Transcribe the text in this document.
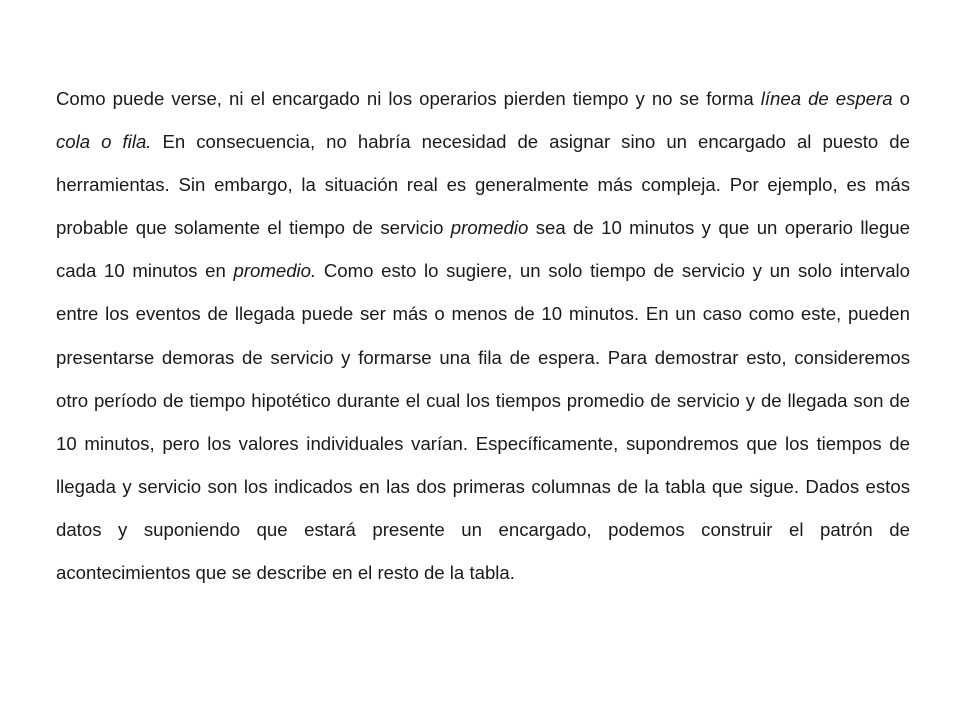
Como puede verse, ni el encargado ni los operarios pierden tiempo y no se forma línea de espera o cola o fila. En consecuencia, no habría necesidad de asignar sino un encargado al puesto de herramientas. Sin embargo, la situación real es generalmente más compleja. Por ejemplo, es más probable que solamente el tiempo de servicio promedio sea de 10 minutos y que un operario llegue cada 10 minutos en promedio. Como esto lo sugiere, un solo tiempo de servicio y un solo intervalo entre los eventos de llegada puede ser más o menos de 10 minutos. En un caso como este, pueden presentarse demoras de servicio y formarse una fila de espera. Para demostrar esto, consideremos otro período de tiempo hipotético durante el cual los tiempos promedio de servicio y de llegada son de 10 minutos, pero los valores individuales varían. Específicamente, supondremos que los tiempos de llegada y servicio son los indicados en las dos primeras columnas de la tabla que sigue. Dados estos datos y suponiendo que estará presente un encargado, podemos construir el patrón de acontecimientos que se describe en el resto de la tabla.
